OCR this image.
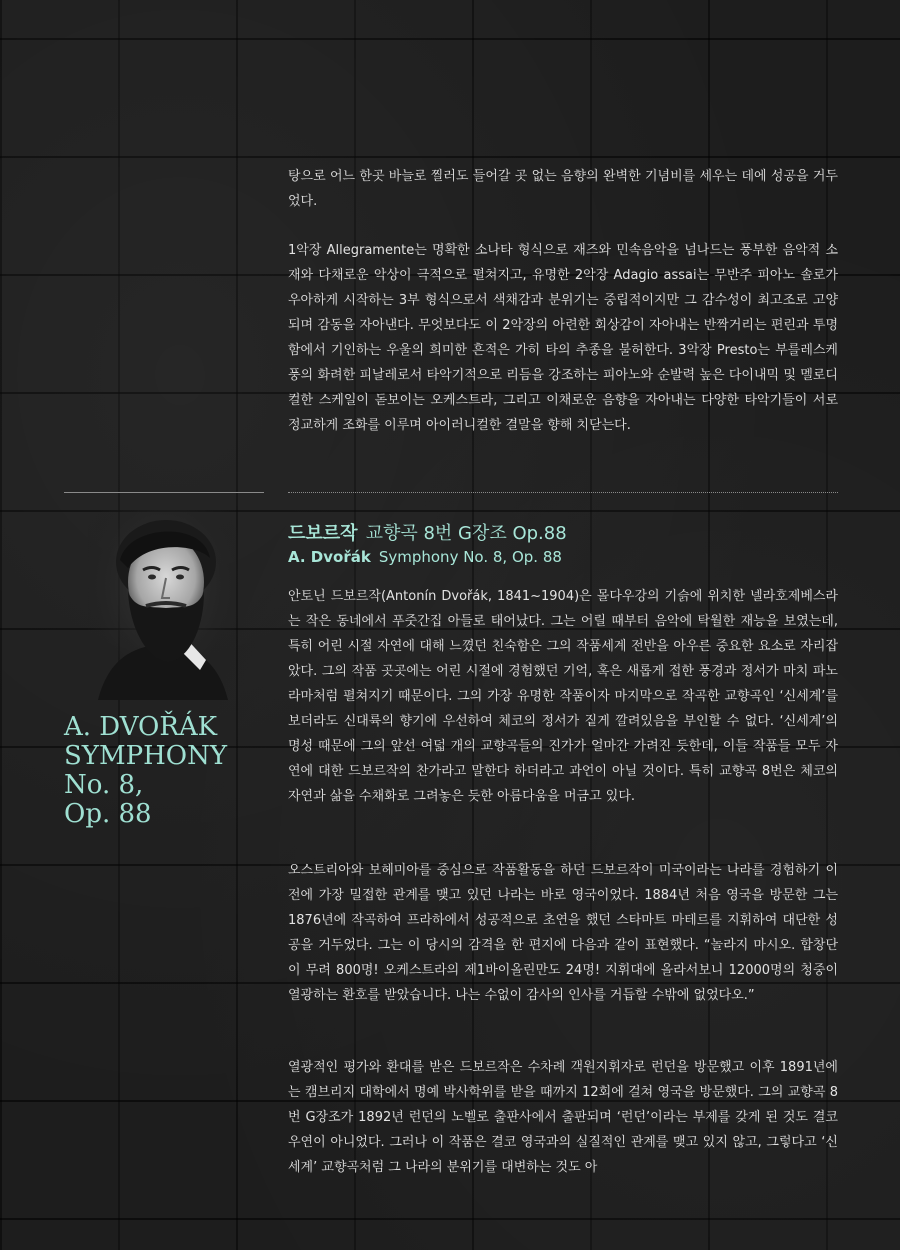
탕으로 어느 한곳 바늘로 찔러도 들어갈 곳 없는 음향의 완벽한 기념비를 세우는 데에 성공을 거두었다.

1악장 Allegramente는 명확한 소나타 형식으로 재즈와 민속음악을 넘나드는 풍부한 음악적 소재와 다채로운 악상이 극적으로 펼쳐지고, 유명한 2악장 Adagio assai는 무반주 피아노 솔로가 우아하게 시작하는 3부 형식으로서 색채감과 분위기는 중립적이지만 그 감수성이 최고조로 고양되며 감동을 자아낸다. 무엇보다도 이 2악장의 아련한 회상감이 자아내는 반짝거리는 편린과 투명함에서 기인하는 우울의 희미한 흔적은 가히 타의 추종을 불허한다. 3악장 Presto는 부를레스케풍의 화려한 피날레로서 타악기적으로 리듬을 강조하는 피아노와 순발력 높은 다이내믹 및 멜로디컬한 스케일이 돋보이는 오케스트라, 그리고 이채로운 음향을 자아내는 다양한 타악기들이 서로 정교하게 조화를 이루며 아이러니컬한 결말을 향해 치닫는다.

A. DVOŘÁK
SYMPHONY
No. 8,
Op. 88
드보르작 교향곡 8번 G장조 Op.88
A. Dvořák Symphony No. 8, Op. 88

안토닌 드보르작(Antonín Dvořák, 1841~1904)은 몰다우강의 기슭에 위치한 넬라호제베스라는 작은 동네에서 푸줏간집 아들로 태어났다. 그는 어릴 때부터 음악에 탁월한 재능을 보였는데, 특히 어린 시절 자연에 대해 느꼈던 친숙함은 그의 작품세계 전반을 아우른 중요한 요소로 자리잡았다. 그의 작품 곳곳에는 어린 시절에 경험했던 기억, 혹은 새롭게 접한 풍경과 정서가 마치 파노라마처럼 펼쳐지기 때문이다. 그의 가장 유명한 작품이자 마지막으로 작곡한 교향곡인 ‘신세계’를 보더라도 신대륙의 향기에 우선하여 체코의 정서가 짙게 깔려있음을 부인할 수 없다. ‘신세계’의 명성 때문에 그의 앞선 여덟 개의 교향곡들의 진가가 얼마간 가려진 듯한데, 이들 작품들 모두 자연에 대한 드보르작의 찬가라고 말한다 하더라고 과언이 아닐 것이다. 특히 교향곡 8번은 체코의 자연과 삶을 수채화로 그려놓은 듯한 아름다움을 머금고 있다.

오스트리아와 보헤미아를 중심으로 작품활동을 하던 드보르작이 미국이라는 나라를 경험하기 이전에 가장 밀접한 관계를 맺고 있던 나라는 바로 영국이었다. 1884년 처음 영국을 방문한 그는 1876년에 작곡하여 프라하에서 성공적으로 초연을 했던 스타마트 마테르를 지휘하여 대단한 성공을 거두었다. 그는 이 당시의 감격을 한 편지에 다음과 같이 표현했다. “놀라지 마시오. 합창단이 무려 800명! 오케스트라의 제1바이올린만도 24명! 지휘대에 올라서보니 12000명의 청중이 열광하는 환호를 받았습니다. 나는 수없이 감사의 인사를 거듭할 수밖에 없었다오.”

열광적인 평가와 환대를 받은 드보르작은 수차례 객원지휘자로 런던을 방문했고 이후 1891년에는 캠브리지 대학에서 명예 박사학위를 받을 때까지 12회에 걸쳐 영국을 방문했다. 그의 교향곡 8번 G장조가 1892년 런던의 노벨로 출판사에서 출판되며 ‘런던’이라는 부제를 갖게 된 것도 결코 우연이 아니었다. 그러나 이 작품은 결코 영국과의 실질적인 관계를 맺고 있지 않고, 그렇다고 ‘신세계’ 교향곡처럼 그 나라의 분위기를 대변하는 것도 아
